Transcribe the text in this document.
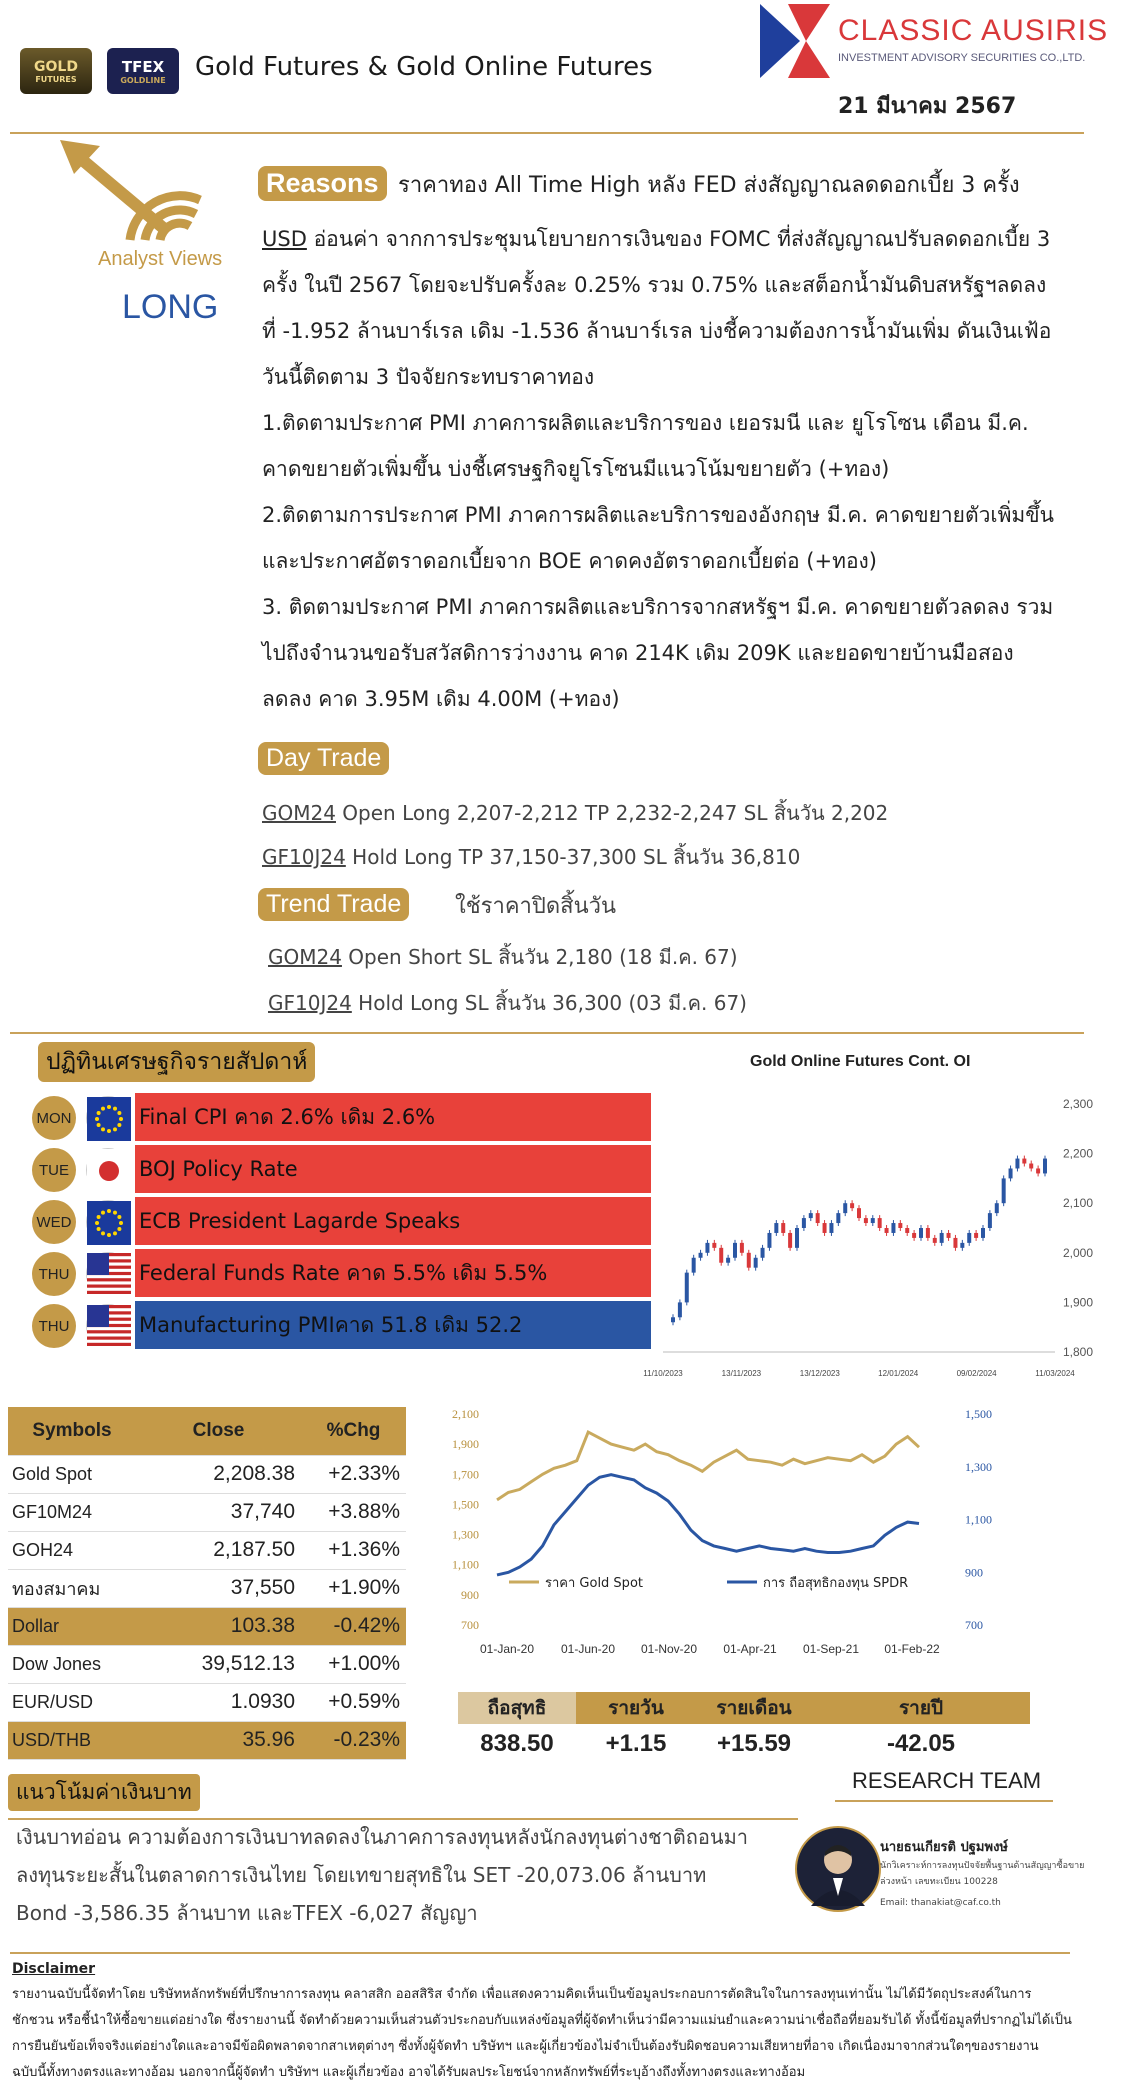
GOLD
FUTURES
TFEX
GOLDLINE Gold Futures & Gold Online Futures
CLASSIC AUSIRIS
INVESTMENT ADVISORY SECURITIES CO.,LTD.
21 มีนาคม 2567
Analyst Views
LONG
Reasons ราคาทอง All Time High หลัง FED ส่งสัญญาณลดดอกเบี้ย 3 ครั้ง
USD อ่อนค่า จากการประชุมนโยบายการเงินของ FOMC ที่ส่งสัญญาณปรับลดดอกเบี้ย 3
ครั้ง ในปี 2567 โดยจะปรับครั้งละ 0.25% รวม 0.75% และสต็อกน้ำมันดิบสหรัฐฯลดลง
ที่ -1.952 ล้านบาร์เรล เดิม -1.536 ล้านบาร์เรล บ่งชี้ความต้องการน้ำมันเพิ่ม ดันเงินเฟ้อ
วันนี้ติดตาม 3 ปัจจัยกระทบราคาทอง
1.ติดตามประกาศ PMI ภาคการผลิตและบริการของ เยอรมนี และ ยูโรโซน เดือน มี.ค.
คาดขยายตัวเพิ่มขึ้น บ่งชี้เศรษฐกิจยูโรโซนมีแนวโน้มขยายตัว (+ทอง)
2.ติดตามการประกาศ PMI ภาคการผลิตและบริการของอังกฤษ มี.ค. คาดขยายตัวเพิ่มขึ้น
และประกาศอัตราดอกเบี้ยจาก BOE คาดคงอัตราดอกเบี้ยต่อ (+ทอง)
3. ติดตามประกาศ PMI ภาคการผลิตและบริการจากสหรัฐฯ มี.ค. คาดขยายตัวลดลง รวม
ไปถึงจำนวนขอรับสวัสดิการว่างงาน คาด 214K เดิม 209K และยอดขายบ้านมือสอง
ลดลง คาด 3.95M เดิม 4.00M (+ทอง)
Day Trade
GOM24 Open Long 2,207-2,212 TP 2,232-2,247 SL สิ้นวัน 2,202
GF10J24 Hold Long TP 37,150-37,300 SL สิ้นวัน 36,810
Trend Trade	ใช้ราคาปิดสิ้นวัน
GOM24 Open Short SL สิ้นวัน 2,180 (18 มี.ค. 67)
GF10J24 Hold Long SL สิ้นวัน 36,300 (03 มี.ค. 67)
ปฏิทินเศรษฐกิจรายสัปดาห์
MON	Final CPI คาด 2.6% เดิม 2.6%
TUE	BOJ Policy Rate
WED	ECB President Lagarde Speaks
THU	Federal Funds Rate คาด 5.5% เดิม 5.5%
THU	Manufacturing PMIคาด 51.8 เดิม 52.2
Gold Online Futures Cont. OI
2,300
2,200
2,100
2,000
1,900
1,800
11/10/2023	13/11/2023	13/12/2023	12/01/2024	09/02/2024	11/03/2024
Symbols	Close	%Chg
Gold Spot	2,208.38	+2.33%
GF10M24	37,740	+3.88%
GOH24	2,187.50	+1.36%
ทองสมาคม	37,550	+1.90%
Dollar	103.38	-0.42%
Dow Jones	39,512.13	+1.00%
EUR/USD	1.0930	+0.59%
USD/THB	35.96	-0.23%
2,100
1,900
1,700
1,500
1,300
1,100
900
700
1,500
1,300
1,100
900
700
01-Jan-20 01-Jun-20 01-Nov-20 01-Apr-21 01-Sep-21 01-Feb-22
ราคา Gold Spot	การ ถือสุทธิกองทุน SPDR
ถือสุทธิ
838.50
รายวัน
+1.15
รายเดือน
+15.59
รายปี
-42.05
แนวโน้มค่าเงินบาท
เงินบาทอ่อน ความต้องการเงินบาทลดลงในภาคการลงทุนหลังนักลงทุนต่างชาติถอนมา
ลงทุนระยะสั้นในตลาดการเงินไทย โดยเทขายสุทธิใน SET -20,073.06 ล้านบาท
Bond -3,586.35 ล้านบาท และTFEX -6,027 สัญญา
RESEARCH TEAM
นายธนเกียรติ ปฐมพงษ์
นักวิเคราะห์การลงทุนปัจจัยพื้นฐานด้านสัญญาซื้อขายล่วงหน้า เลขทะเบียน 100228
Email: thanakiat@caf.co.th
Disclaimer
รายงานฉบับนี้จัดทำโดย บริษัทหลักทรัพย์ที่ปรึกษาการลงทุน คลาสสิก ออสสิริส จำกัด เพื่อแสดงความคิดเห็นเป็นข้อมูลประกอบการตัดสินใจในการลงทุนเท่านั้น ไม่ได้มีวัตถุประสงค์ในการ
ชักชวน หรือชี้นำให้ซื้อขายแต่อย่างใด ซึ่งรายงานนี้ จัดทำด้วยความเห็นส่วนตัวประกอบกับแหล่งข้อมูลที่ผู้จัดทำเห็นว่ามีความแม่นยำและความน่าเชื่อถือที่ยอมรับได้ ทั้งนี้ข้อมูลที่ปรากฏไม่ได้เป็น
การยืนยันข้อเท็จจริงแต่อย่างใดและอาจมีข้อผิดพลาดจากสาเหตุต่างๆ ซึ่งทั้งผู้จัดทำ บริษัทฯ และผู้เกี่ยวข้องไม่จำเป็นต้องรับผิดชอบความเสียหายที่อาจ เกิดเนื่องมาจากส่วนใดๆของรายงาน
ฉบับนี้ทั้งทางตรงและทางอ้อม นอกจากนี้ผู้จัดทำ บริษัทฯ และผู้เกี่ยวข้อง อาจได้รับผลประโยชน์จากหลักทรัพย์ที่ระบุอ้างถึงทั้งทางตรงและทางอ้อม
